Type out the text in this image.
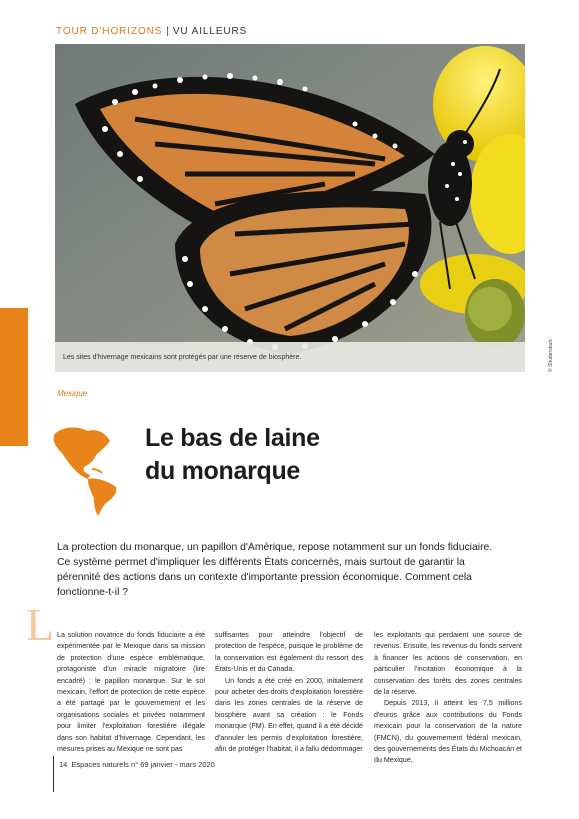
TOUR D'HORIZONS | VU AILLEURS
Les sites d'hivernage mexicains sont protégés par une réserve de biosphère.	© Shutterstock
Mexique
Le bas de laine
du monarque

La protection du monarque, un papillon d'Amérique, repose notamment sur un fonds fiduciaire. Ce système permet d'impliquer les différents États concernés, mais surtout de garantir la pérennité des actions dans un contexte d'importante pression économique. Comment cela fonctionne-t-il ?

L La solution novatrice du fonds fiduciaire a été expérimentée par le Mexique dans sa mission de protection d'une espèce emblématique, protagoniste d'un miracle migratoire (lire encadré) : le papillon monarque. Sur le sol mexicain, l'effort de protection de cette espèce a été partagé par le gouvernement et les organisations sociales et privées notamment pour limiter l'exploitation forestière illégale dans son habitat d'hivernage. Cependant, les mesures prises au Mexique ne sont pas

suffisantes pour atteindre l'objectif de protection de l'espèce, puisque le problème de la conservation est également du ressort des États-Unis et du Canada.

Un fonds a été créé en 2000, initialement pour acheter des droits d'exploitation forestière dans les zones centrales de la réserve de biosphère avant sa création : le Fonds monarque (FM). En effet, quand il a été décidé d'annuler les permis d'exploitation forestière, afin de protéger l'habitat, il a fallu dédommager

les exploitants qui perdaient une source de revenus. Ensuite, les revenus du fonds servent à financer les actions de conservation, en particulier l'incitation économique à la conservation des forêts des zones centrales de la réserve.

Depuis 2013, il atteint les 7,5 millions d'euros grâce aux contributions du Fonds mexicain pour la conservation de la nature (FMCN), du gouvernement fédéral mexicain, des gouvernements des États du Michoacán et du Mexique,

14 Espaces naturels n° 69 janvier - mars 2020
